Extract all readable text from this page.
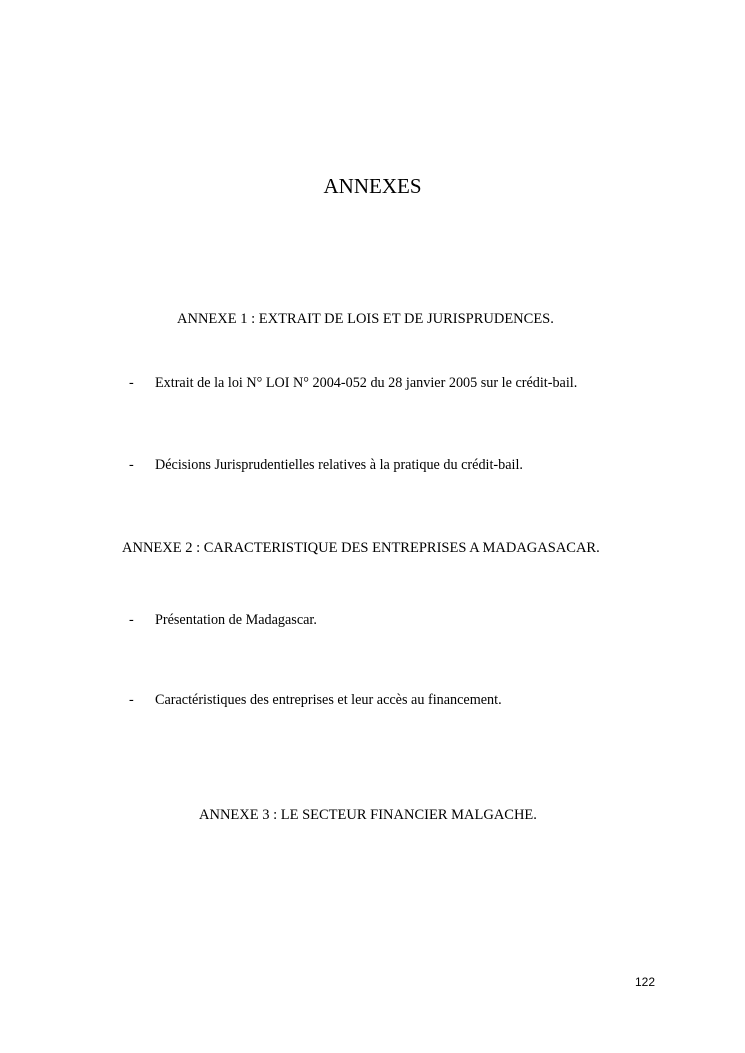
ANNEXES
ANNEXE 1 : EXTRAIT DE LOIS ET DE JURISPRUDENCES.
- Extrait de la loi N° LOI N° 2004-052 du 28 janvier 2005 sur le crédit-bail.
- Décisions Jurisprudentielles relatives à la pratique du crédit-bail.
ANNEXE 2 : CARACTERISTIQUE DES ENTREPRISES A MADAGASACAR.
- Présentation de Madagascar.
- Caractéristiques des entreprises et leur accès au financement.
ANNEXE 3 : LE SECTEUR FINANCIER MALGACHE.
122
